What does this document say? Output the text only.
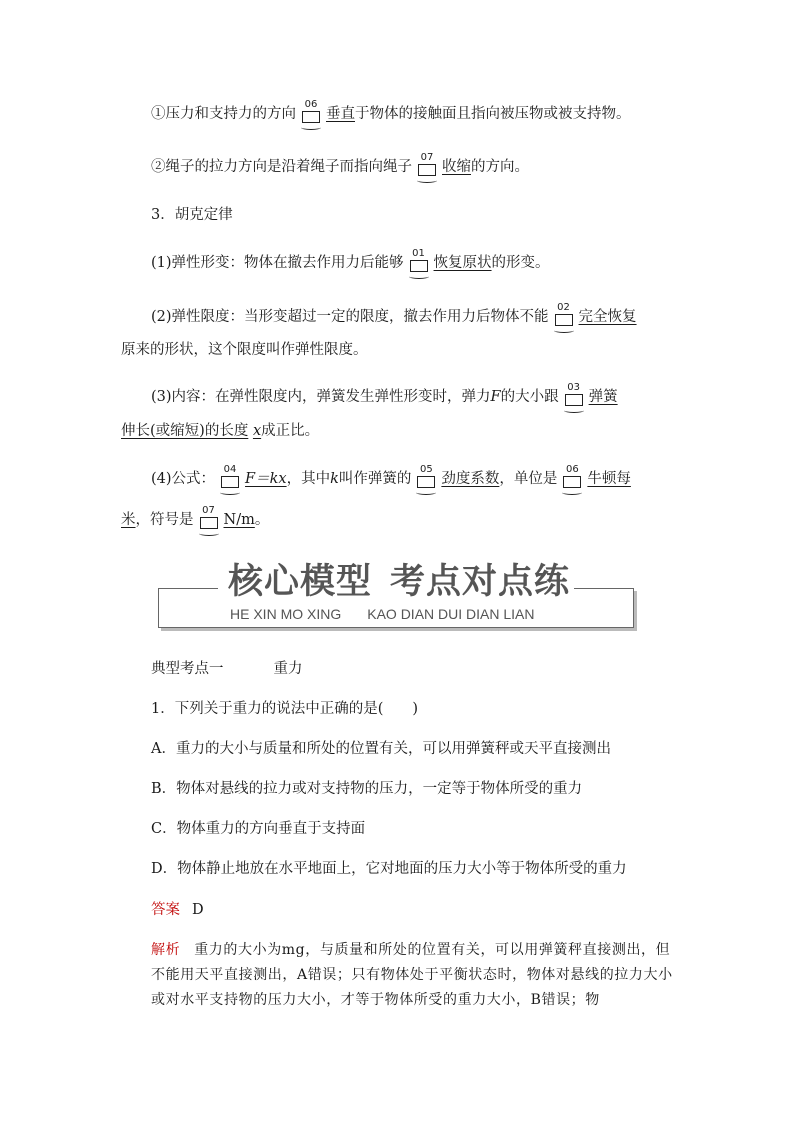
①压力和支持力的方向
06
垂直于物体的接触面且指向被压物或被支持物。
②绳子的拉力方向是沿着绳子而指向绳子
07
收缩的方向。
3．胡克定律
(1)弹性形变：物体在撤去作用力后能够
01
恢复原状的形变。
(2)弹性限度：当形变超过一定的限度，撤去作用力后物体不能
02
完全恢复
原来的形状，这个限度叫作弹性限度。
(3)内容：在弹性限度内，弹簧发生弹性形变时，弹力F的大小跟
03
弹簧
伸长(或缩短)的长度 x成正比。
(4)公式：
04
F＝kx，其中k叫作弹簧的
05
劲度系数，单位是
06
牛顿每
米，符号是
07
N/m。
核心模型 考点对点练
HE XIN MO XING KAO DIAN DUI DIAN LIAN
典型考点一	重力
1．下列关于重力的说法中正确的是(　　)
A．重力的大小与质量和所处的位置有关，可以用弹簧秤或天平直接测出
B．物体对悬线的拉力或对支持物的压力，一定等于物体所受的重力
C．物体重力的方向垂直于支持面
D．物体静止地放在水平地面上，它对地面的压力大小等于物体所受的重力
答案 D
解析 重力的大小为mg，与质量和所处的位置有关，可以用弹簧秤直接测出，但不能用天平直接测出，A错误；只有物体处于平衡状态时，物体对悬线的拉力大小或对水平支持物的压力大小，才等于物体所受的重力大小，B错误；物
